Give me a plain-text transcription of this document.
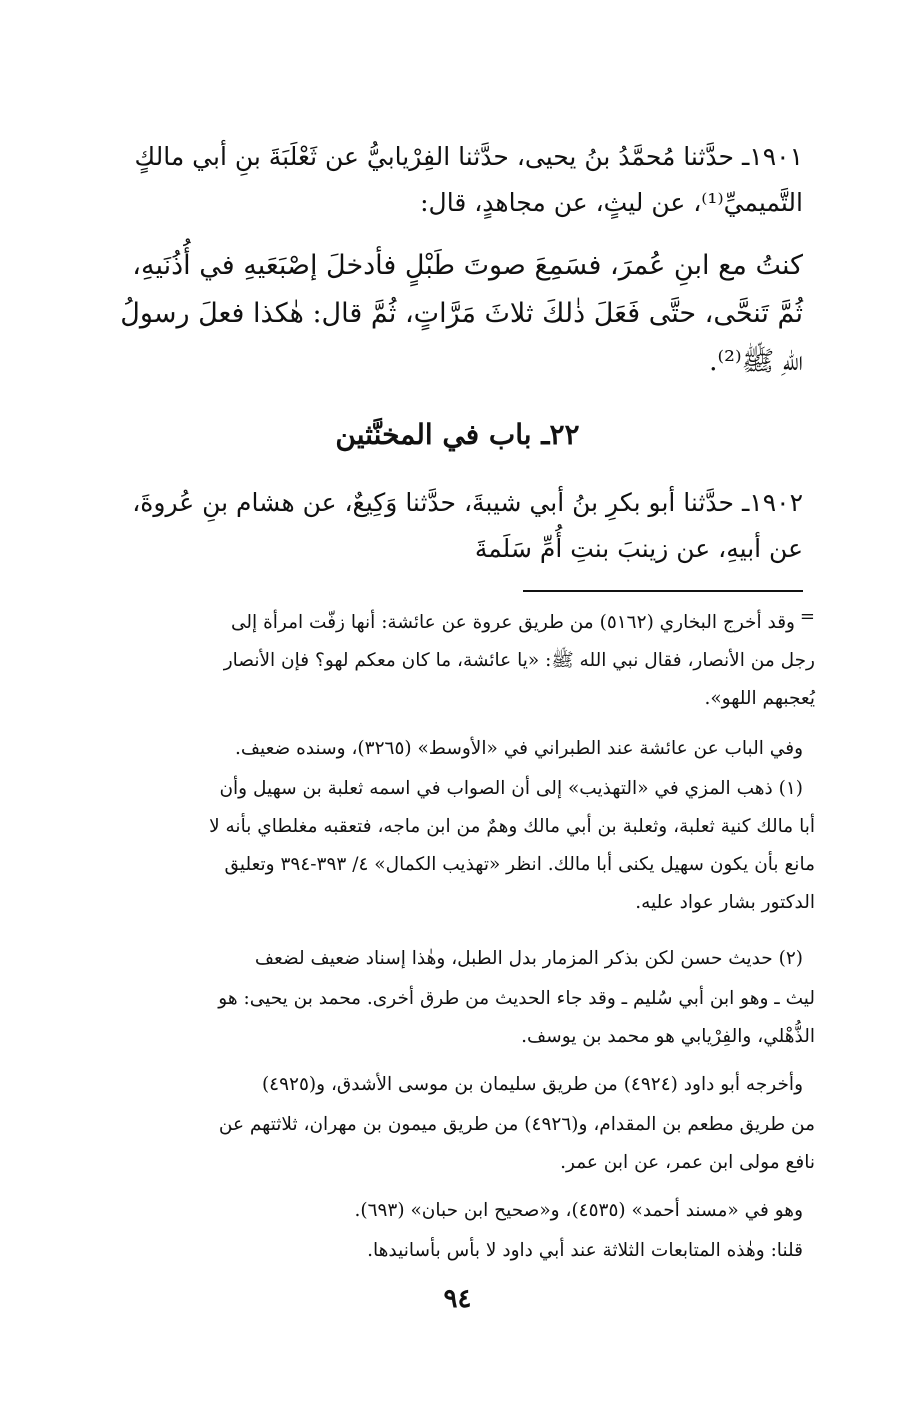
١٩٠١ـ حدَّثنا مُحمَّدُ بنُ يحيى، حدَّثنا الفِرْيابيُّ عن ثَعْلَبَةَ بنِ أبي مالكٍ
التَّميميِّ⁽¹⁾، عن ليثٍ، عن مجاهدٍ، قال:
كنتُ مع ابنِ عُمرَ، فسَمِعَ صوتَ طَبْلٍ فأدخلَ إصْبَعَيهِ في أُذُنَيهِ،
ثُمَّ تَنحَّى، حتَّى فَعَلَ ذٰلكَ ثلاثَ مَرَّاتٍ، ثُمَّ قال: هٰكذا فعلَ رسولُ
اللهِ ﷺ⁽²⁾.
٢٢ـ باب في المخنَّثين
١٩٠٢ـ حدَّثنا أبو بكرِ بنُ أبي شيبةَ، حدَّثنا وَكِيعٌ، عن هشام بنِ عُروةَ،
عن أبيهِ، عن زينبَ بنتِ أُمِّ سَلَمةَ
=
وقد أخرج البخاري (٥١٦٢) من طريق عروة عن عائشة: أنها زفّت امرأة إلى
رجل من الأنصار، فقال نبي الله ﷺ: «يا عائشة، ما كان معكم لهو؟ فإن الأنصار
يُعجبهم اللهو».
وفي الباب عن عائشة عند الطبراني في «الأوسط» (٣٢٦٥)، وسنده ضعيف.
(١) ذهب المزي في «التهذيب» إلى أن الصواب في اسمه ثعلبة بن سهيل وأن
أبا مالك كنية ثعلبة، وثعلبة بن أبي مالك وهمٌ من ابن ماجه، فتعقبه مغلطاي بأنه لا
مانع بأن يكون سهيل يكنى أبا مالك. انظر «تهذيب الكمال» ٤/ ٣٩٣-٣٩٤ وتعليق
الدكتور بشار عواد عليه.
(٢) حديث حسن لكن بذكر المزمار بدل الطبل، وهٰذا إسناد ضعيف لضعف
ليث ـ وهو ابن أبي سُليم ـ وقد جاء الحديث من طرق أخرى. محمد بن يحيى: هو
الذُّهْلي، والفِرْيابي هو محمد بن يوسف.
وأخرجه أبو داود (٤٩٢٤) من طريق سليمان بن موسى الأشدق، و(٤٩٢٥)
من طريق مطعم بن المقدام، و(٤٩٢٦) من طريق ميمون بن مهران، ثلاثتهم عن
نافع مولى ابن عمر، عن ابن عمر.
وهو في «مسند أحمد» (٤٥٣٥)، و«صحيح ابن حبان» (٦٩٣).
قلنا: وهٰذه المتابعات الثلاثة عند أبي داود لا بأس بأسانيدها.
٩٤
